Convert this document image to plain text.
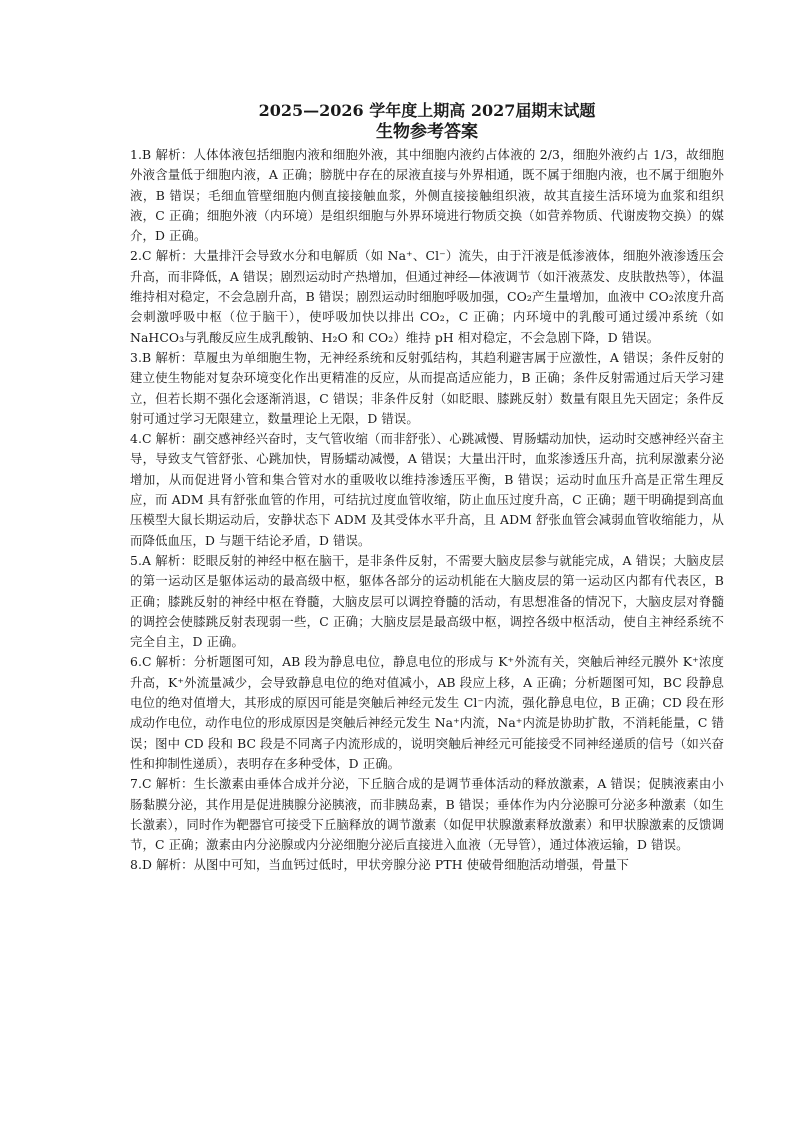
2025—2026 学年度上期高 2027届期末试题

生物参考答案

1.B 解析：人体体液包括细胞内液和细胞外液，其中细胞内液约占体液的 2/3，细胞外液约占 1/3，故细胞外液含量低于细胞内液，A 正确；膀胱中存在的尿液直接与外界相通，既不属于细胞内液，也不属于细胞外液，B 错误；毛细血管壁细胞内侧直接接触血浆，外侧直接接触组织液，故其直接生活环境为血浆和组织液，C 正确；细胞外液（内环境）是组织细胞与外界环境进行物质交换（如营养物质、代谢废物交换）的媒介，D 正确。

2.C 解析：大量排汗会导致水分和电解质（如 Na⁺、Cl⁻）流失，由于汗液是低渗液体，细胞外液渗透压会升高，而非降低，A 错误；剧烈运动时产热增加，但通过神经—体液调节（如汗液蒸发、皮肤散热等），体温维持相对稳定，不会急剧升高，B 错误；剧烈运动时细胞呼吸加强，CO₂产生量增加，血液中 CO₂浓度升高会刺激呼吸中枢（位于脑干），使呼吸加快以排出 CO₂，C 正确；内环境中的乳酸可通过缓冲系统（如 NaHCO₃与乳酸反应生成乳酸钠、H₂O 和 CO₂）维持 pH 相对稳定，不会急剧下降，D 错误。

3.B 解析：草履虫为单细胞生物，无神经系统和反射弧结构，其趋利避害属于应激性，A 错误；条件反射的建立使生物能对复杂环境变化作出更精准的反应，从而提高适应能力，B 正确；条件反射需通过后天学习建立，但若长期不强化会逐渐消退，C 错误；非条件反射（如眨眼、膝跳反射）数量有限且先天固定；条件反射可通过学习无限建立，数量理论上无限，D 错误。

4.C 解析：副交感神经兴奋时，支气管收缩（而非舒张）、心跳减慢、胃肠蠕动加快，运动时交感神经兴奋主导，导致支气管舒张、心跳加快，胃肠蠕动减慢，A 错误；大量出汗时，血浆渗透压升高，抗利尿激素分泌增加，从而促进肾小管和集合管对水的重吸收以维持渗透压平衡，B 错误；运动时血压升高是正常生理反应，而 ADM 具有舒张血管的作用，可结抗过度血管收缩，防止血压过度升高，C 正确；题干明确提到高血压模型大鼠长期运动后，安静状态下 ADM 及其受体水平升高，且 ADM 舒张血管会减弱血管收缩能力，从而降低血压，D 与题干结论矛盾，D 错误。

5.A 解析：眨眼反射的神经中枢在脑干，是非条件反射，不需要大脑皮层参与就能完成，A 错误；大脑皮层的第一运动区是躯体运动的最高级中枢，躯体各部分的运动机能在大脑皮层的第一运动区内都有代表区，B 正确；膝跳反射的神经中枢在脊髓，大脑皮层可以调控脊髓的活动，有思想准备的情况下，大脑皮层对脊髓的调控会使膝跳反射表现弱一些，C 正确；大脑皮层是最高级中枢，调控各级中枢活动，使自主神经系统不完全自主，D 正确。

6.C 解析：分析题图可知，AB 段为静息电位，静息电位的形成与 K⁺外流有关，突触后神经元膜外 K⁺浓度升高，K⁺外流量减少，会导致静息电位的绝对值减小，AB 段应上移，A 正确；分析题图可知，BC 段静息电位的绝对值增大，其形成的原因可能是突触后神经元发生 Cl⁻内流，强化静息电位，B 正确；CD 段在形成动作电位，动作电位的形成原因是突触后神经元发生 Na⁺内流，Na⁺内流是协助扩散，不消耗能量，C 错误；图中 CD 段和 BC 段是不同离子内流形成的，说明突触后神经元可能接受不同神经递质的信号（如兴奋性和抑制性递质），表明存在多种受体，D 正确。

7.C 解析：生长激素由垂体合成并分泌，下丘脑合成的是调节垂体活动的释放激素，A 错误；促胰液素由小肠黏膜分泌，其作用是促进胰腺分泌胰液，而非胰岛素，B 错误；垂体作为内分泌腺可分泌多种激素（如生长激素），同时作为靶器官可接受下丘脑释放的调节激素（如促甲状腺激素释放激素）和甲状腺激素的反馈调节，C 正确；激素由内分泌腺或内分泌细胞分泌后直接进入血液（无导管），通过体液运输，D 错误。

8.D 解析：从图中可知，当血钙过低时，甲状旁腺分泌 PTH 使破骨细胞活动增强，骨量下
